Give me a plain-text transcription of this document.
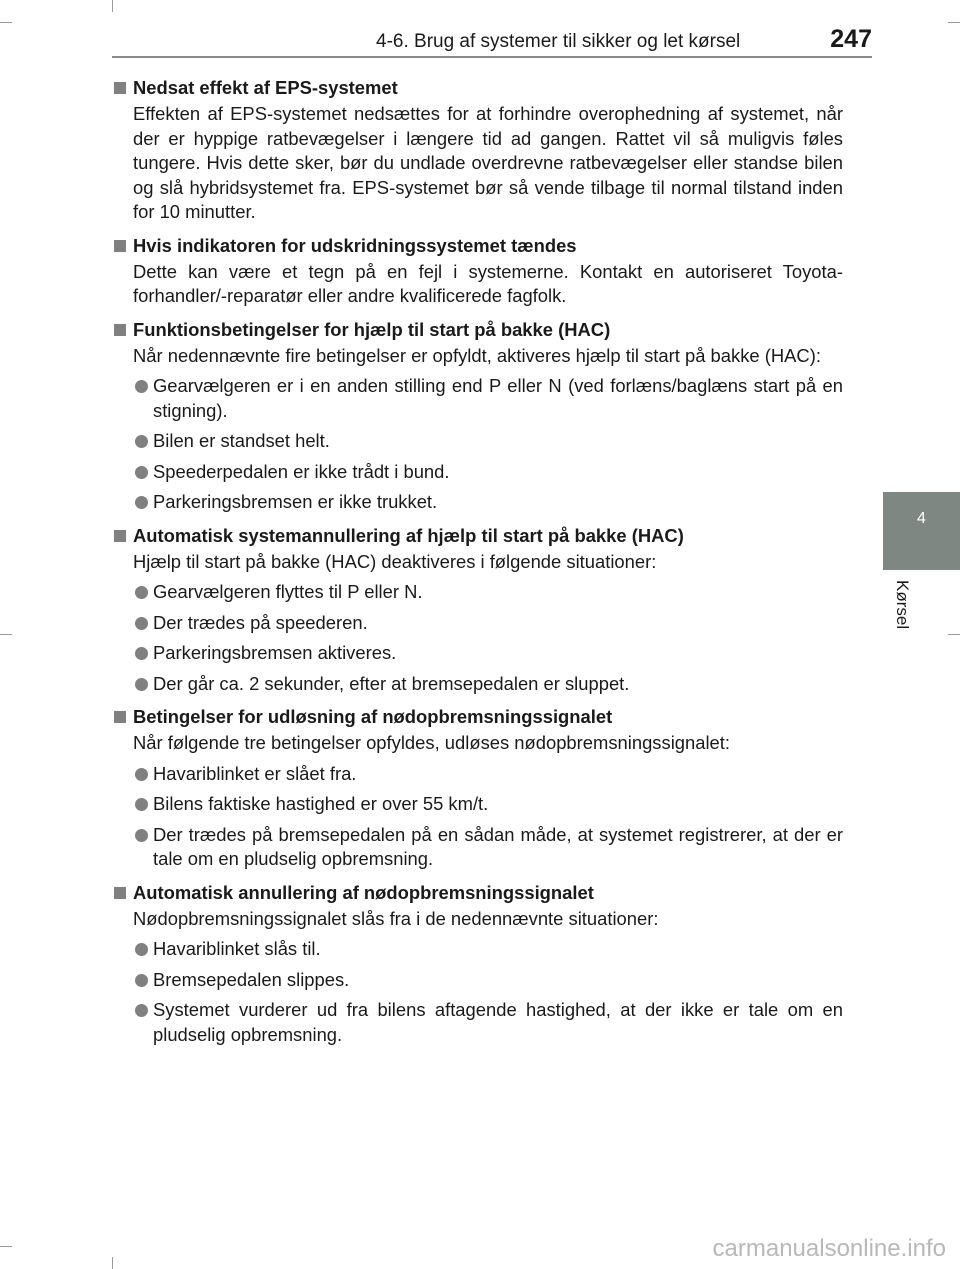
4-6. Brug af systemer til sikker og let kørsel	247
4
Kørsel
Nedsat effekt af EPS-systemet
Effekten af EPS-systemet nedsættes for at forhindre overophedning af systemet, når der er hyppige ratbevægelser i længere tid ad gangen. Rattet vil så muligvis føles tungere. Hvis dette sker, bør du undlade overdrevne ratbevægelser eller standse bilen og slå hybridsystemet fra. EPS-systemet bør så vende tilbage til normal tilstand inden for 10 minutter.
Hvis indikatoren for udskridningssystemet tændes
Dette kan være et tegn på en fejl i systemerne. Kontakt en autoriseret Toyota-forhandler/-reparatør eller andre kvalificerede fagfolk.
Funktionsbetingelser for hjælp til start på bakke (HAC)
Når nedennævnte fire betingelser er opfyldt, aktiveres hjælp til start på bakke (HAC):
Gearvælgeren er i en anden stilling end P eller N (ved forlæns/baglæns start på en stigning).
Bilen er standset helt.
Speederpedalen er ikke trådt i bund.
Parkeringsbremsen er ikke trukket.
Automatisk systemannullering af hjælp til start på bakke (HAC)
Hjælp til start på bakke (HAC) deaktiveres i følgende situationer:
Gearvælgeren flyttes til P eller N.
Der trædes på speederen.
Parkeringsbremsen aktiveres.
Der går ca. 2 sekunder, efter at bremsepedalen er sluppet.
Betingelser for udløsning af nødopbremsningssignalet
Når følgende tre betingelser opfyldes, udløses nødopbremsningssignalet:
Havariblinket er slået fra.
Bilens faktiske hastighed er over 55 km/t.
Der trædes på bremsepedalen på en sådan måde, at systemet registrerer, at der er tale om en pludselig opbremsning.
Automatisk annullering af nødopbremsningssignalet
Nødopbremsningssignalet slås fra i de nedennævnte situationer:
Havariblinket slås til.
Bremsepedalen slippes.
Systemet vurderer ud fra bilens aftagende hastighed, at der ikke er tale om en pludselig opbremsning.
carmanualsonline.info
